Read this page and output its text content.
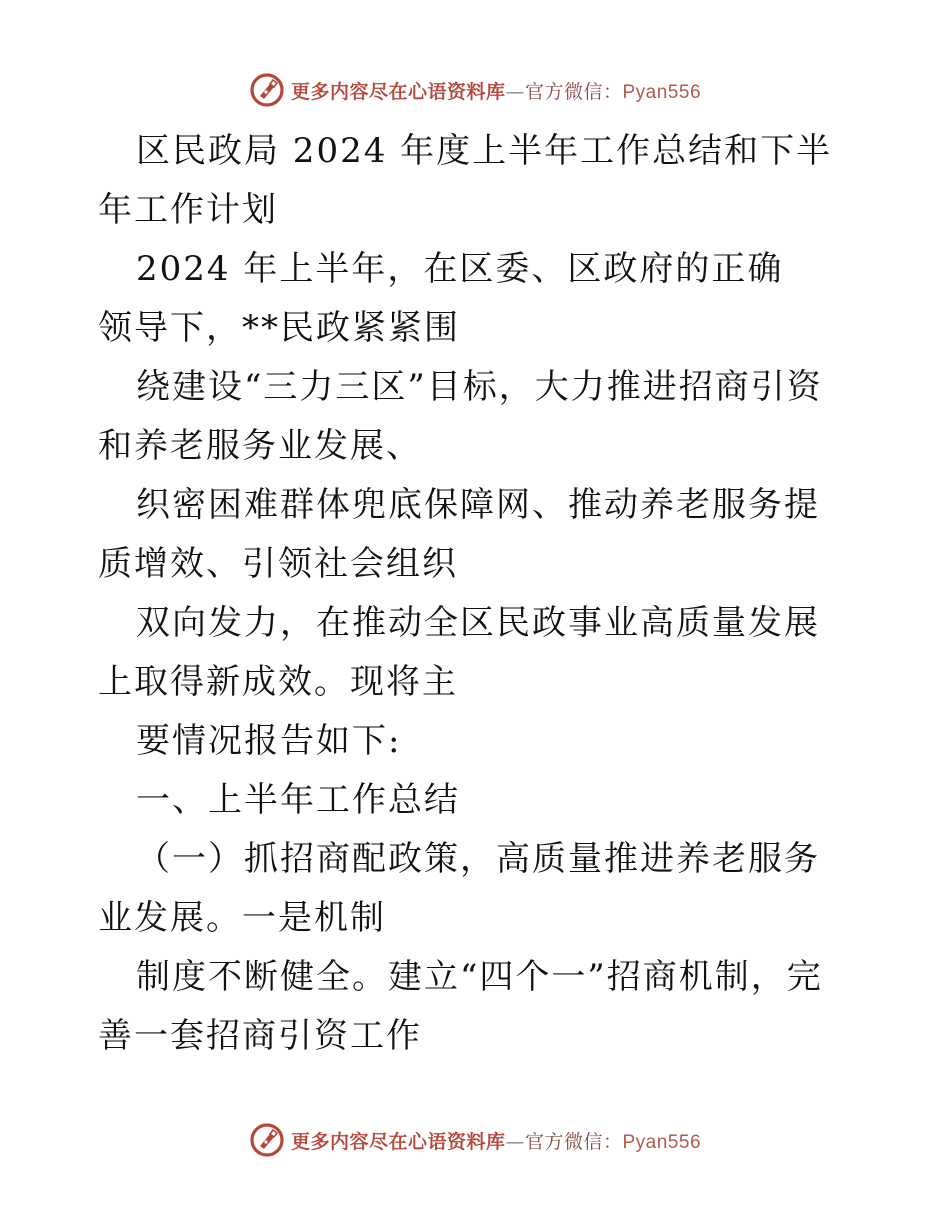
更多内容尽在心语资料库—官方微信：Pyan556

区民政局 2024 年度上半年工作总结和下半年工作计划

2024 年上半年，在区委、区政府的正确领导下，**民政紧紧围

绕建设“三力三区”目标，大力推进招商引资和养老服务业发展、

织密困难群体兜底保障网、推动养老服务提质增效、引领社会组织

双向发力，在推动全区民政事业高质量发展上取得新成效。现将主

要情况报告如下:

一、上半年工作总结

（一）抓招商配政策，高质量推进养老服务业发展。一是机制

制度不断健全。建立“四个一”招商机制，完善一套招商引资工作

更多内容尽在心语资料库—官方微信：Pyan556
